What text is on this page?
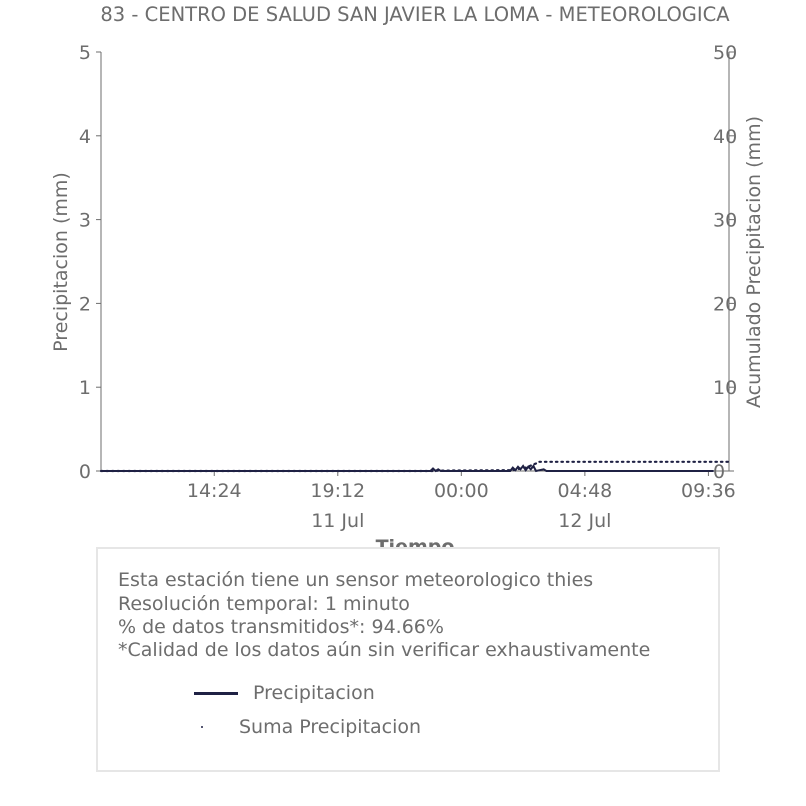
83 - CENTRO DE SALUD SAN JAVIER LA LOMA - METEOROLOGICA
Precipitacion (mm)	Acumulado Precipitacion (mm)
0
1
2
3
4
5
0
10
20
30
40
50
14:24	19:12	00:00	04:48	09:36
11 Jul	12 Jul
Esta estación tiene un sensor meteorologico thies
Resolución temporal: 1 minuto
% de datos transmitidos*: 94.66%
*Calidad de los datos aún sin verificar exhaustivamente
Precipitacion
Suma Precipitacion
